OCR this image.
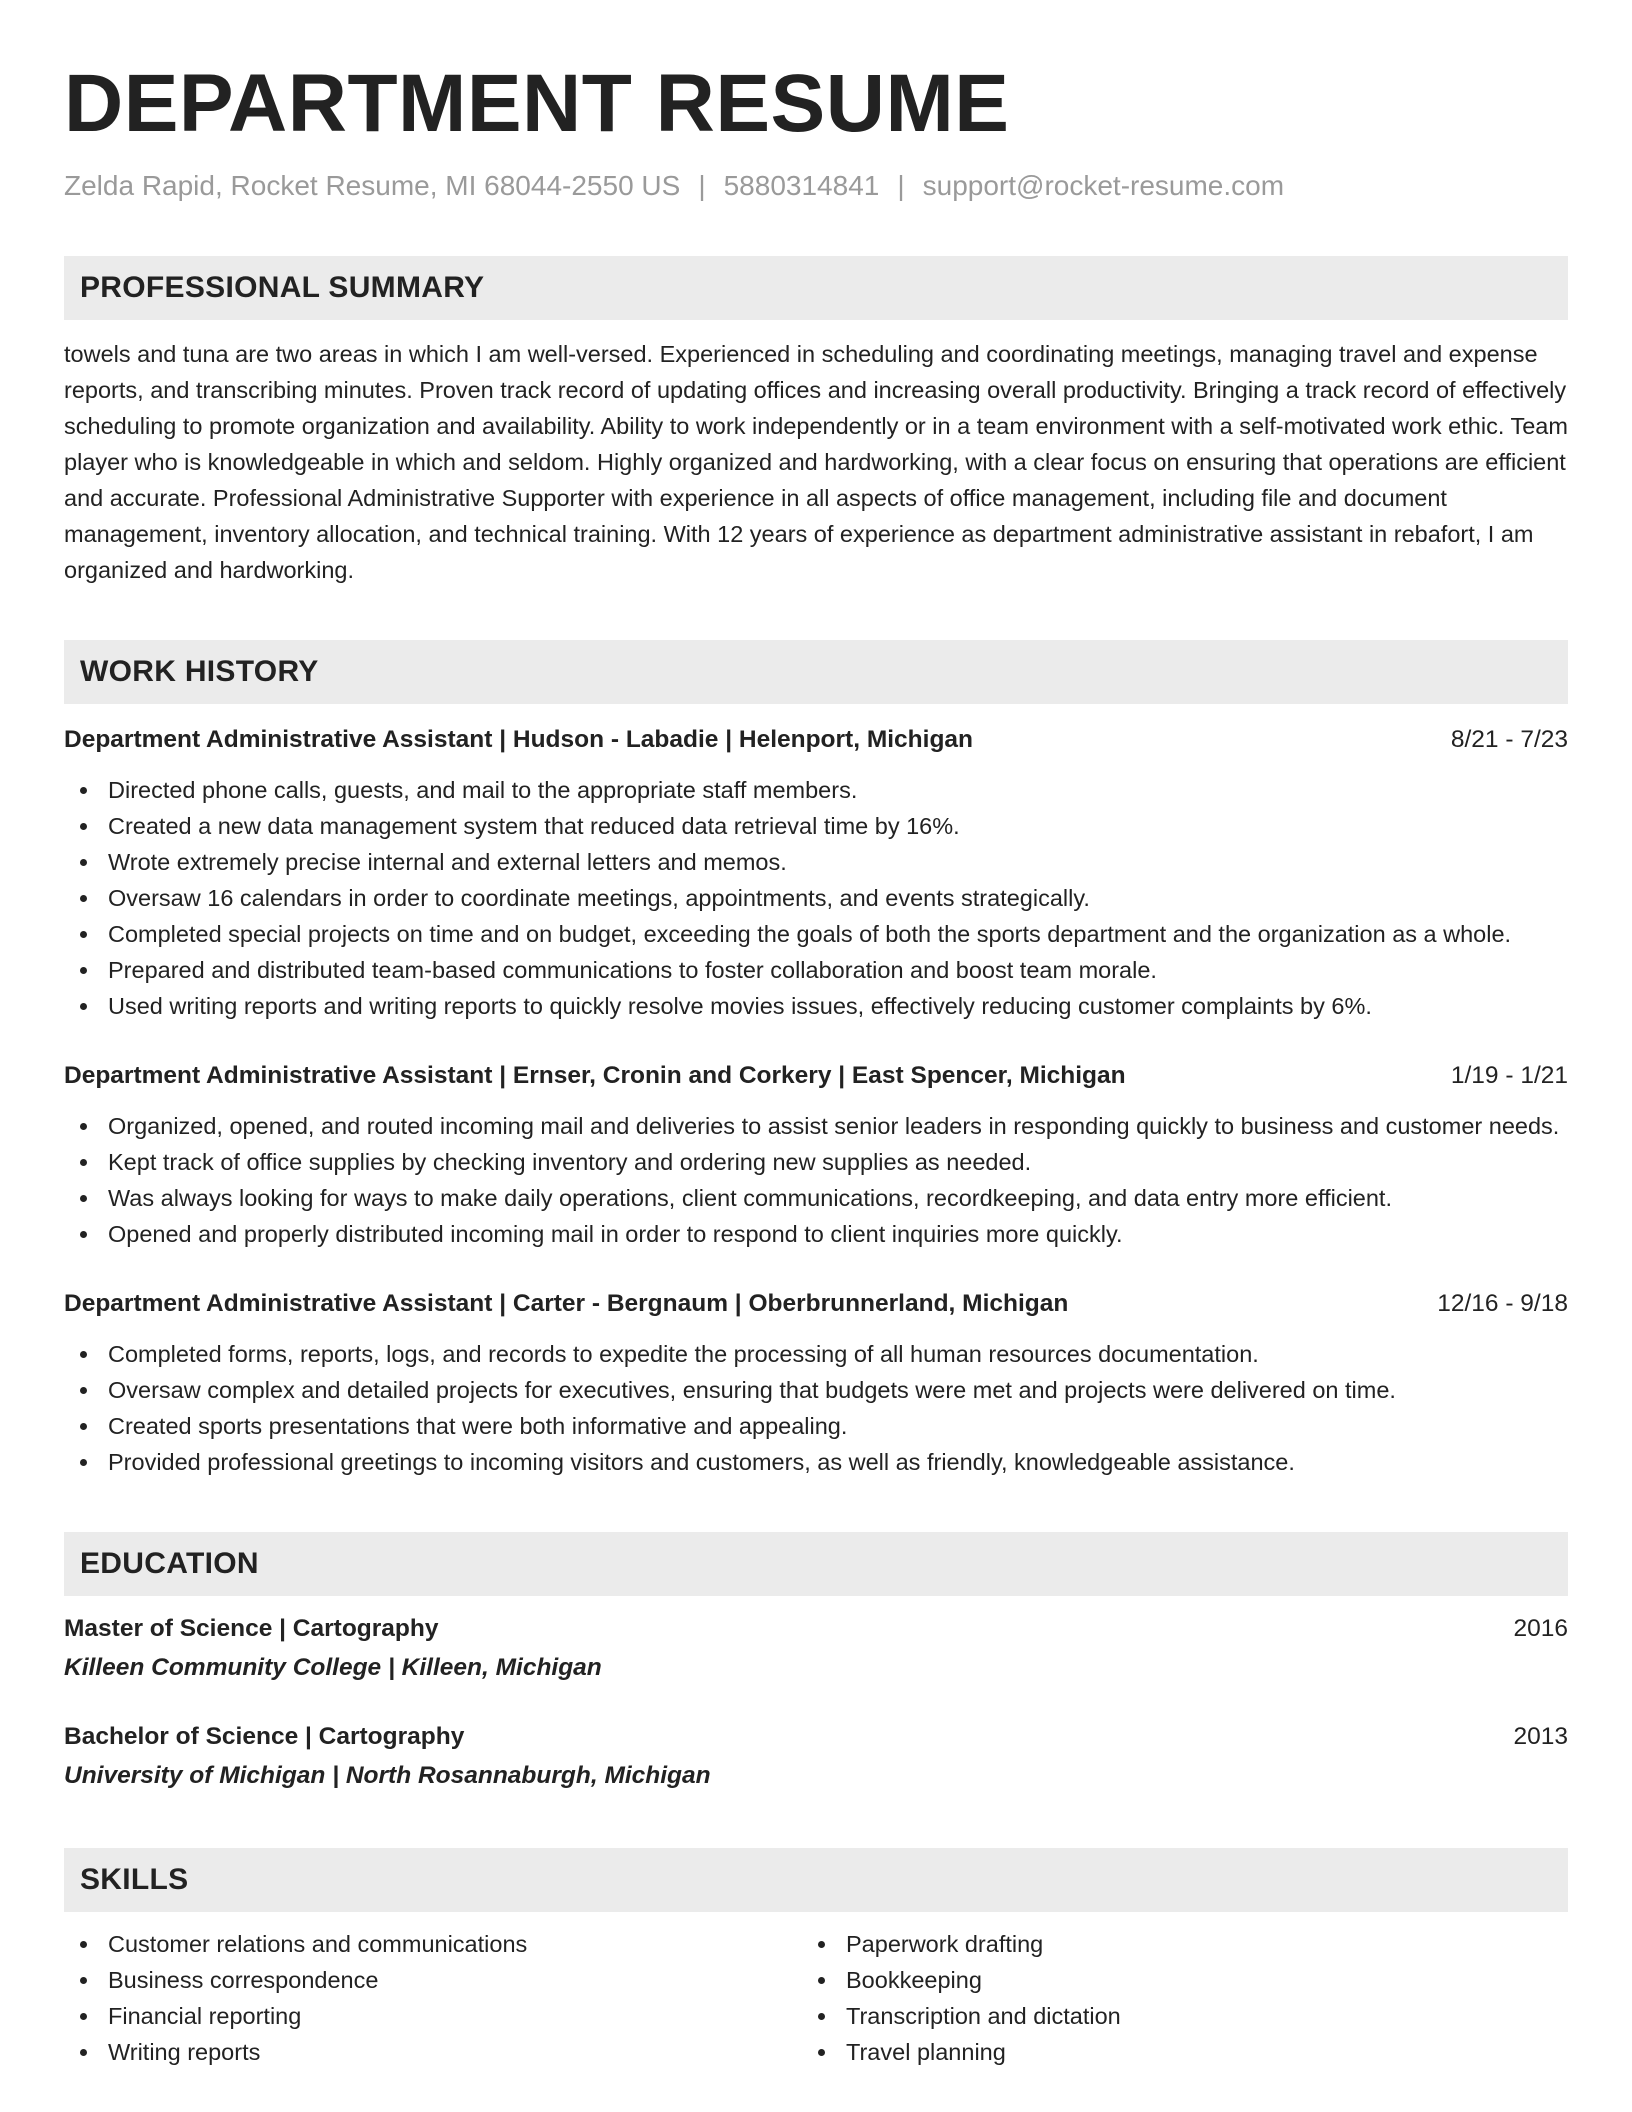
DEPARTMENT RESUME
Zelda Rapid, Rocket Resume, MI 68044-2550 US | 5880314841 | support@rocket-resume.com
PROFESSIONAL SUMMARY
towels and tuna are two areas in which I am well-versed. Experienced in scheduling and coordinating meetings, managing travel and expense reports, and transcribing minutes. Proven track record of updating offices and increasing overall productivity. Bringing a track record of effectively scheduling to promote organization and availability. Ability to work independently or in a team environment with a self-motivated work ethic. Team player who is knowledgeable in which and seldom. Highly organized and hardworking, with a clear focus on ensuring that operations are efficient and accurate. Professional Administrative Supporter with experience in all aspects of office management, including file and document management, inventory allocation, and technical training. With 12 years of experience as department administrative assistant in rebafort, I am organized and hardworking.
WORK HISTORY
Department Administrative Assistant | Hudson - Labadie | Helenport, Michigan	8/21 - 7/23
Directed phone calls, guests, and mail to the appropriate staff members.
Created a new data management system that reduced data retrieval time by 16%.
Wrote extremely precise internal and external letters and memos.
Oversaw 16 calendars in order to coordinate meetings, appointments, and events strategically.
Completed special projects on time and on budget, exceeding the goals of both the sports department and the organization as a whole.
Prepared and distributed team-based communications to foster collaboration and boost team morale.
Used writing reports and writing reports to quickly resolve movies issues, effectively reducing customer complaints by 6%.
Department Administrative Assistant | Ernser, Cronin and Corkery | East Spencer, Michigan	1/19 - 1/21
Organized, opened, and routed incoming mail and deliveries to assist senior leaders in responding quickly to business and customer needs.
Kept track of office supplies by checking inventory and ordering new supplies as needed.
Was always looking for ways to make daily operations, client communications, recordkeeping, and data entry more efficient.
Opened and properly distributed incoming mail in order to respond to client inquiries more quickly.
Department Administrative Assistant | Carter - Bergnaum | Oberbrunnerland, Michigan	12/16 - 9/18
Completed forms, reports, logs, and records to expedite the processing of all human resources documentation.
Oversaw complex and detailed projects for executives, ensuring that budgets were met and projects were delivered on time.
Created sports presentations that were both informative and appealing.
Provided professional greetings to incoming visitors and customers, as well as friendly, knowledgeable assistance.
EDUCATION
Master of Science | Cartography	2016
Killeen Community College | Killeen, Michigan
Bachelor of Science | Cartography	2013
University of Michigan | North Rosannaburgh, Michigan
SKILLS
Customer relations and communications
Business correspondence
Financial reporting
Writing reports
Paperwork drafting
Bookkeeping
Transcription and dictation
Travel planning
